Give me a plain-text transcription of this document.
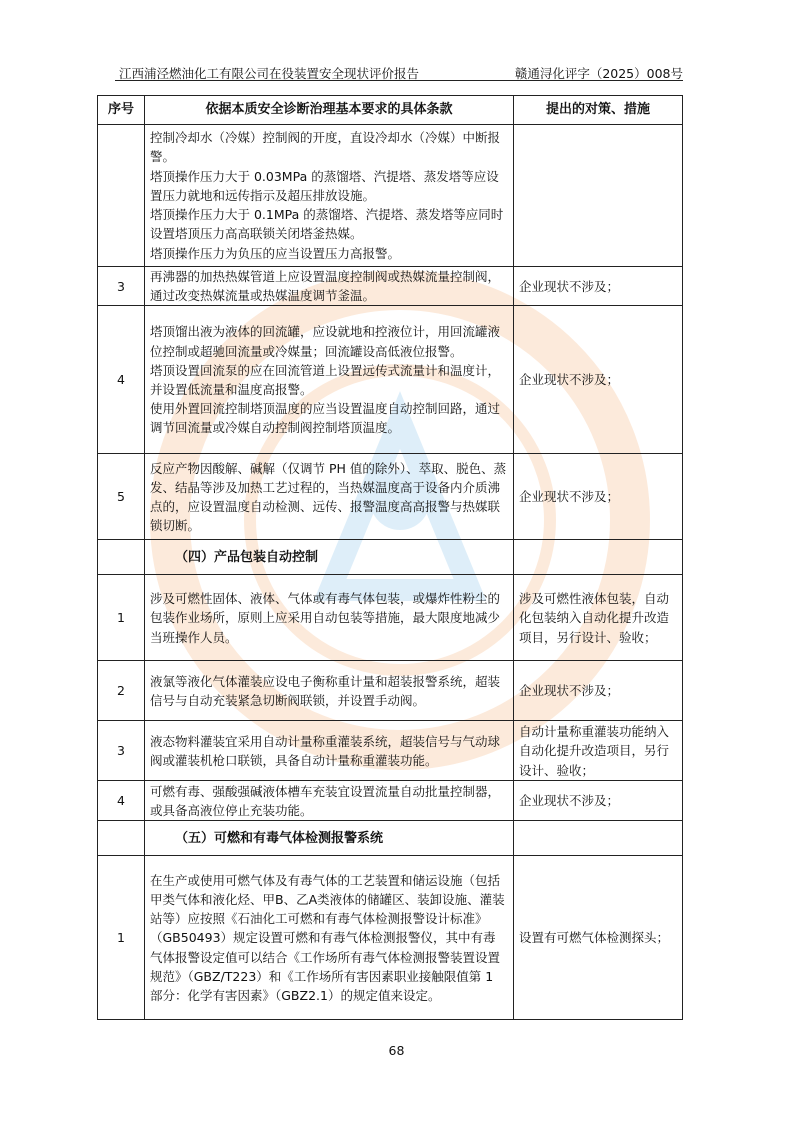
江西浦泾燃油化工有限公司在役装置安全现状评价报告	赣通浔化评字（2025）008号
序号	依据本质安全诊断治理基本要求的具体条款	提出的对策、措施

	控制冷却水（冷媒）控制阀的开度，直设冷却水（冷媒）中断报警。
塔顶操作压力大于 0.03MPa 的蒸馏塔、汽提塔、蒸发塔等应设置压力就地和远传指示及超压排放设施。
塔顶操作压力大于 0.1MPa 的蒸馏塔、汽提塔、蒸发塔等应同时设置塔顶压力高高联锁关闭塔釜热媒。
塔顶操作压力为负压的应当设置压力高报警。	

3	再沸器的加热热媒管道上应设置温度控制阀或热媒流量控制阀，通过改变热媒流量或热媒温度调节釜温。	企业现状不涉及；
4	塔顶馏出液为液体的回流罐，应设就地和控液位计，用回流罐液位控制或超驰回流量或冷媒量；回流罐设高低液位报警。
塔顶设置回流泵的应在回流管道上设置远传式流量计和温度计，并设置低流量和温度高报警。
使用外置回流控制塔顶温度的应当设置温度自动控制回路，通过调节回流量或冷媒自动控制阀控制塔顶温度。	企业现状不涉及；
5	反应产物因酸解、碱解（仅调节 PH 值的除外）、萃取、脱色、蒸发、结晶等涉及加热工艺过程的，当热媒温度高于设备内介质沸点的，应设置温度自动检测、远传、报警温度高高报警与热媒联锁切断。	企业现状不涉及；
	（四）产品包装自动控制	
1	涉及可燃性固体、液体、气体或有毒气体包装，或爆炸性粉尘的包装作业场所，原则上应采用自动包装等措施，最大限度地减少当班操作人员。	涉及可燃性液体包装，自动化包装纳入自动化提升改造项目，另行设计、验收；
2	液氯等液化气体灌装应设电子衡称重计量和超装报警系统，超装信号与自动充装紧急切断阀联锁，并设置手动阀。	企业现状不涉及；
3	液态物料灌装宜采用自动计量称重灌装系统，超装信号与气动球阀或灌装机枪口联锁，具备自动计量称重灌装功能。	自动计量称重灌装功能纳入自动化提升改造项目，另行设计、验收；
4	可燃有毒、强酸强碱液体槽车充装宜设置流量自动批量控制器，或具备高液位停止充装功能。	企业现状不涉及；
	（五）可燃和有毒气体检测报警系统	
1	在生产或使用可燃气体及有毒气体的工艺装置和储运设施（包括甲类气体和液化烃、甲B、乙A类液体的储罐区、装卸设施、灌装站等）应按照《石油化工可燃和有毒气体检测报警设计标准》（GB50493）规定设置可燃和有毒气体检测报警仪，其中有毒气体报警设定值可以结合《工作场所有毒气体检测报警装置设置规范》（GBZ/T223）和《工作场所有害因素职业接触限值第 1 部分：化学有害因素》（GBZ2.1）的规定值来设定。	设置有可燃气体检测探头；
68
